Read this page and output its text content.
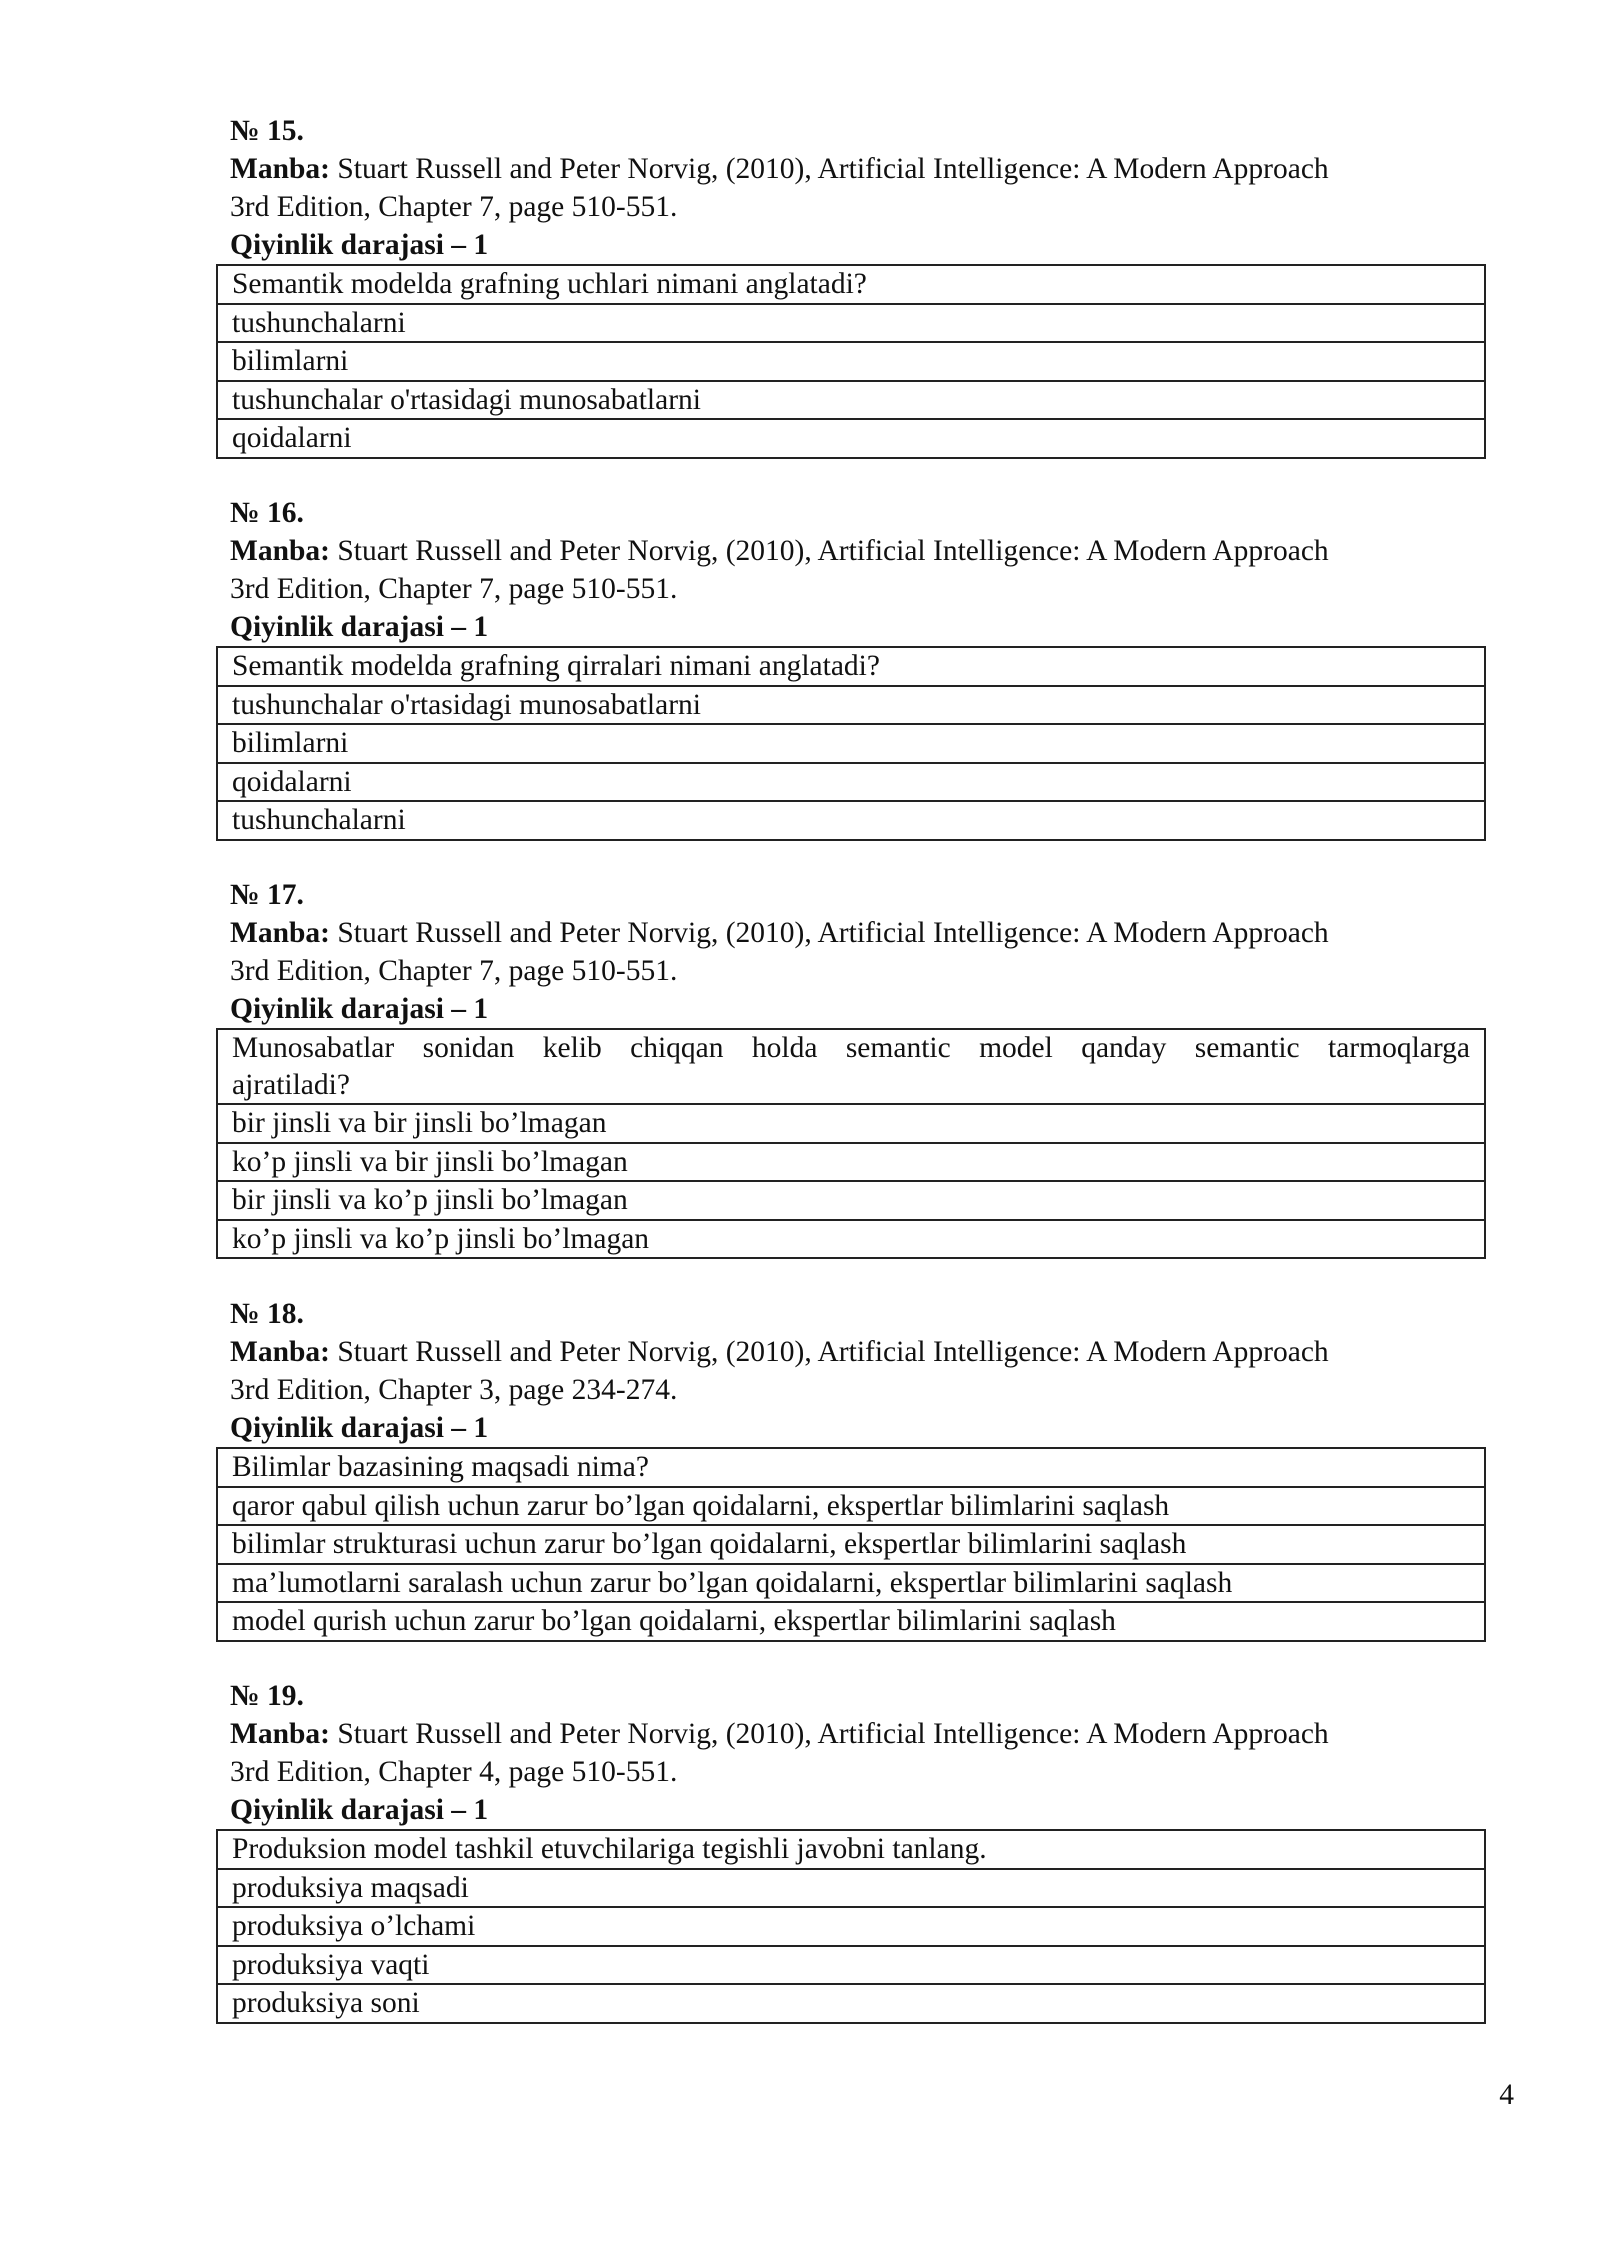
№ 15.
Manba: Stuart Russell and Peter Norvig, (2010), Artificial Intelligence: A Modern Approach
3rd Edition, Chapter 7, page 510-551.
Qiyinlik darajasi – 1
Semantik modelda grafning uchlari nimani anglatadi?
tushunchalarni
bilimlarni
tushunchalar o'rtasidagi munosabatlarni
qoidalarni
№ 16.
Manba: Stuart Russell and Peter Norvig, (2010), Artificial Intelligence: A Modern Approach
3rd Edition, Chapter 7, page 510-551.
Qiyinlik darajasi – 1
Semantik modelda grafning qirralari nimani anglatadi?
tushunchalar o'rtasidagi munosabatlarni
bilimlarni
qoidalarni
tushunchalarni
№ 17.
Manba: Stuart Russell and Peter Norvig, (2010), Artificial Intelligence: A Modern Approach
3rd Edition, Chapter 7, page 510-551.
Qiyinlik darajasi – 1
Munosabatlar sonidan kelib chiqqan holda semantic model qanday semantic tarmoqlarga
ajratiladi?
bir jinsli va bir jinsli bo’lmagan
ko’p jinsli va bir jinsli bo’lmagan
bir jinsli va ko’p jinsli bo’lmagan
ko’p jinsli va ko’p jinsli bo’lmagan
№ 18.
Manba: Stuart Russell and Peter Norvig, (2010), Artificial Intelligence: A Modern Approach
3rd Edition, Chapter 3, page 234-274.
Qiyinlik darajasi – 1
Bilimlar bazasining maqsadi nima?
qaror qabul qilish uchun zarur bo’lgan qoidalarni, ekspertlar bilimlarini saqlash
bilimlar strukturasi uchun zarur bo’lgan qoidalarni, ekspertlar bilimlarini saqlash
ma’lumotlarni saralash uchun zarur bo’lgan qoidalarni, ekspertlar bilimlarini saqlash
model qurish uchun zarur bo’lgan qoidalarni, ekspertlar bilimlarini saqlash
№ 19.
Manba: Stuart Russell and Peter Norvig, (2010), Artificial Intelligence: A Modern Approach
3rd Edition, Chapter 4, page 510-551.
Qiyinlik darajasi – 1
Produksion model tashkil etuvchilariga tegishli javobni tanlang.
produksiya maqsadi
produksiya o’lchami
produksiya vaqti
produksiya soni
4
